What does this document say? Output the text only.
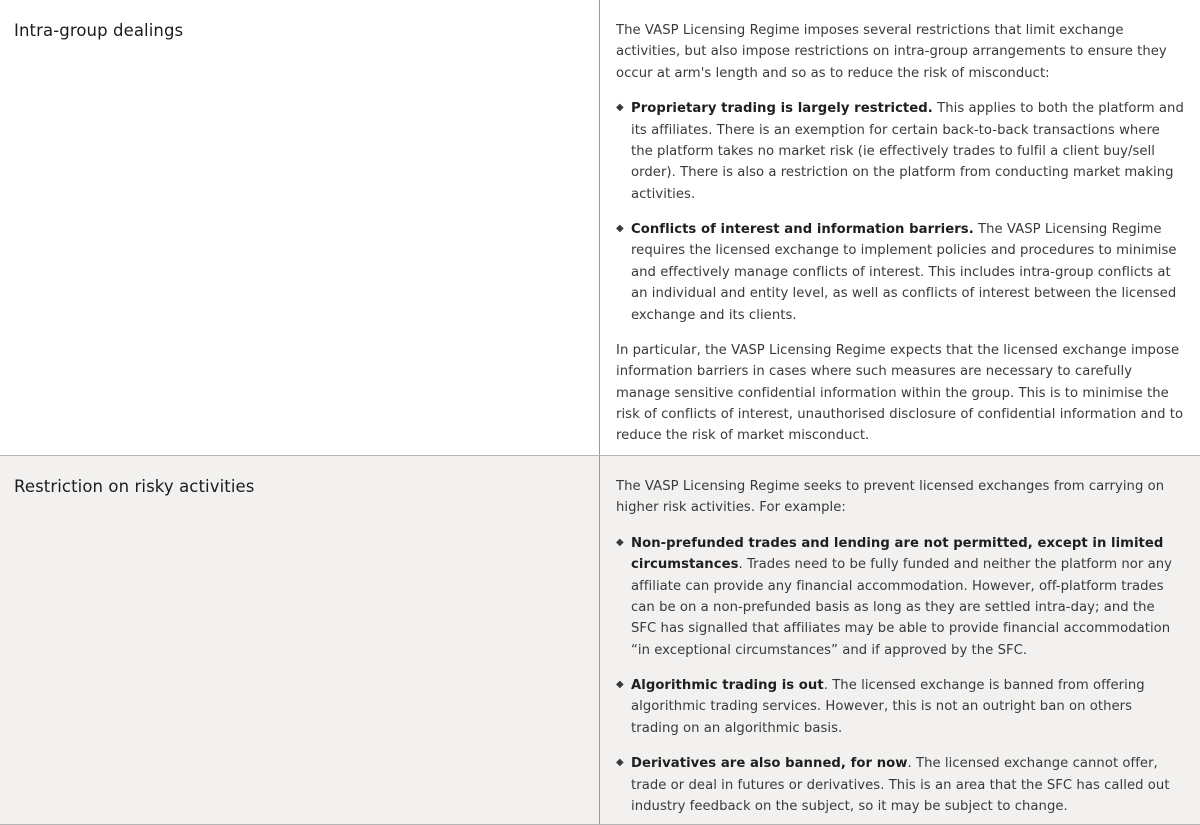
Intra-group dealings	The VASP Licensing Regime imposes several restrictions that limit exchange activities, but also impose restrictions on intra-group arrangements to ensure they occur at arm's length and so as to reduce the risk of misconduct:

◆ Proprietary trading is largely restricted. This applies to both the platform and its affiliates. There is an exemption for certain back-to-back transactions where the platform takes no market risk (ie effectively trades to fulfil a client buy/sell order). There is also a restriction on the platform from conducting market making activities.
◆ Conflicts of interest and information barriers. The VASP Licensing Regime requires the licensed exchange to implement policies and procedures to minimise and effectively manage conflicts of interest. This includes intra-group conflicts at an individual and entity level, as well as conflicts of interest between the licensed exchange and its clients.

In particular, the VASP Licensing Regime expects that the licensed exchange impose information barriers in cases where such measures are necessary to carefully manage sensitive confidential information within the group. This is to minimise the risk of conflicts of interest, unauthorised disclosure of confidential information and to reduce the risk of market misconduct.

Restriction on risky activities	The VASP Licensing Regime seeks to prevent licensed exchanges from carrying on higher risk activities. For example:

◆ Non-prefunded trades and lending are not permitted, except in limited circumstances. Trades need to be fully funded and neither the platform nor any affiliate can provide any financial accommodation. However, off-platform trades can be on a non-prefunded basis as long as they are settled intra-day; and the SFC has signalled that affiliates may be able to provide financial accommodation “in exceptional circumstances” and if approved by the SFC.
◆ Algorithmic trading is out. The licensed exchange is banned from offering algorithmic trading services. However, this is not an outright ban on others trading on an algorithmic basis.
◆ Derivatives are also banned, for now. The licensed exchange cannot offer, trade or deal in futures or derivatives. This is an area that the SFC has called out industry feedback on the subject, so it may be subject to change.
